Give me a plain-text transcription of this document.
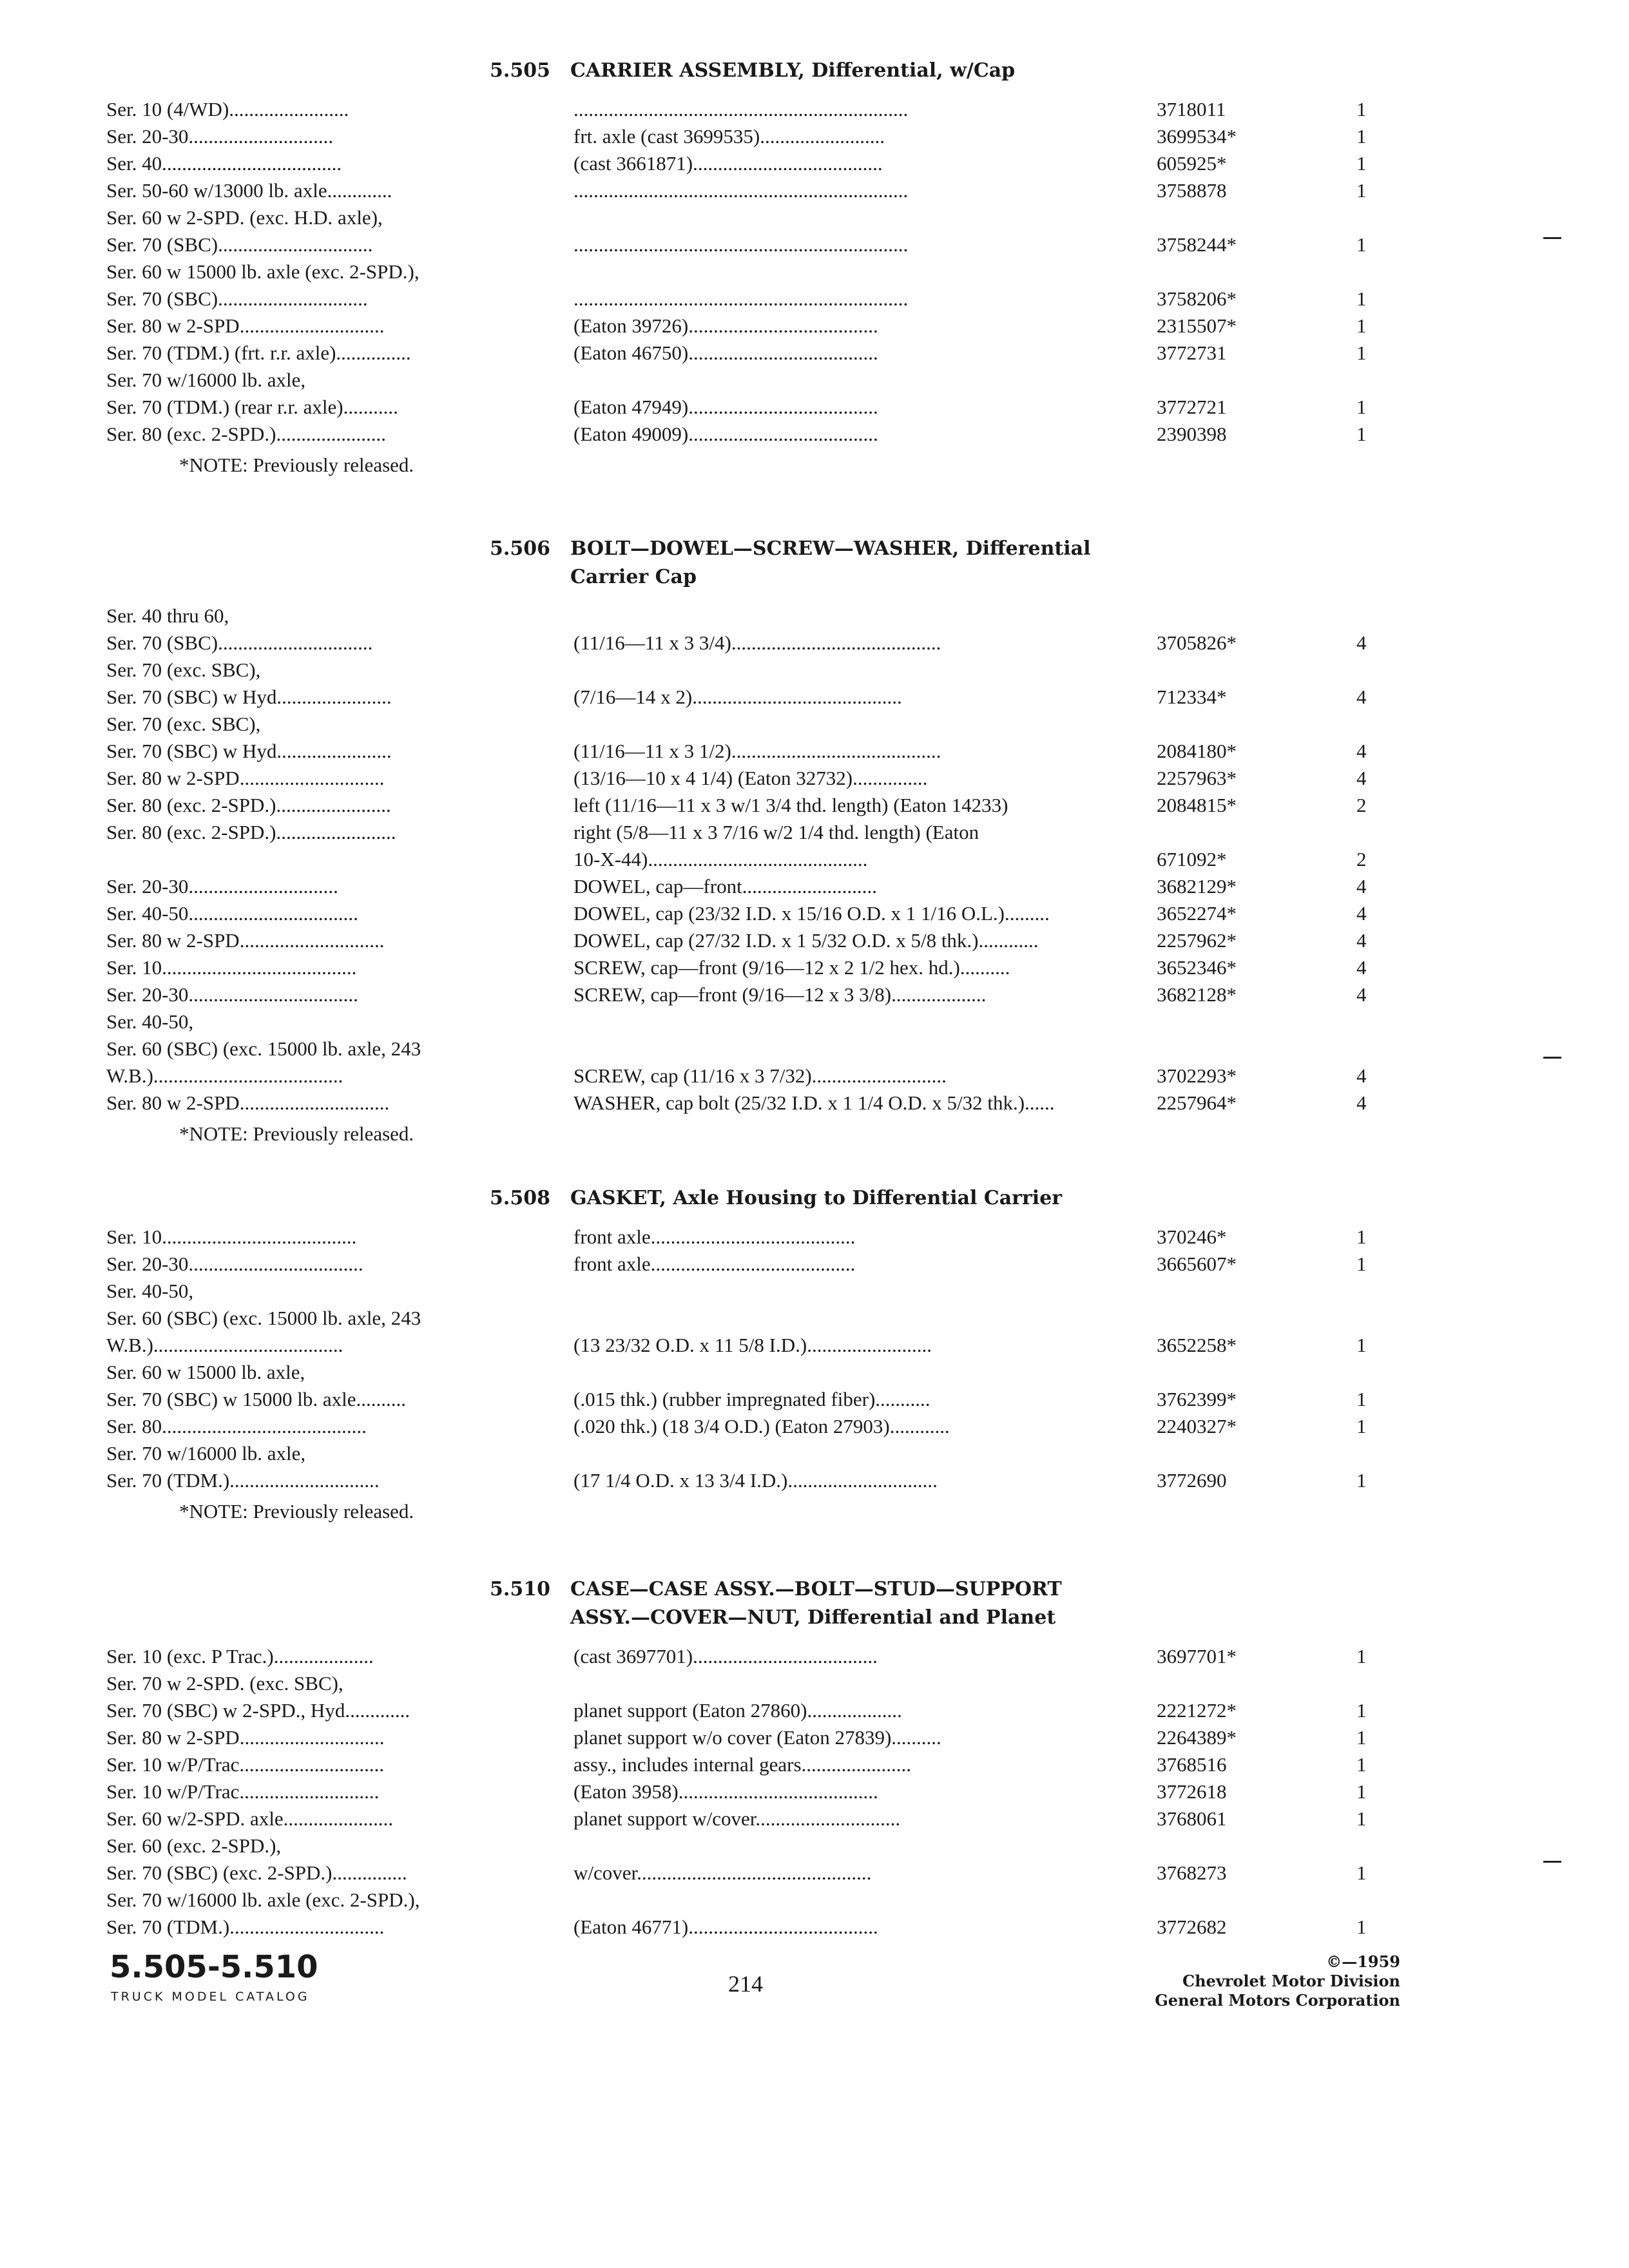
5.505	CARRIER ASSEMBLY, Differential, w/Cap
Ser. 10 (4/WD)........................	...................................................................	3718011	1
Ser. 20-30.............................	frt. axle (cast 3699535).........................	3699534*	1
Ser. 40....................................	(cast 3661871)......................................	605925*	1
Ser. 50-60 w/13000 lb. axle.............	...................................................................	3758878	1
Ser. 60 w 2-SPD. (exc. H.D. axle),
Ser. 70 (SBC)...............................	...................................................................	3758244*	1
Ser. 60 w 15000 lb. axle (exc. 2-SPD.),
Ser. 70 (SBC)..............................	...................................................................	3758206*	1
Ser. 80 w 2-SPD.............................	(Eaton 39726)......................................	2315507*	1
Ser. 70 (TDM.) (frt. r.r. axle)...............	(Eaton 46750)......................................	3772731	1
Ser. 70 w/16000 lb. axle,
Ser. 70 (TDM.) (rear r.r. axle)...........	(Eaton 47949)......................................	3772721	1
Ser. 80 (exc. 2-SPD.)......................	(Eaton 49009)......................................	2390398	1
*NOTE: Previously released.
5.506	BOLT—DOWEL—SCREW—WASHER, Differential
Carrier Cap
Ser. 40 thru 60,
Ser. 70 (SBC)...............................	(11/16—11 x 3 3/4)..........................................	3705826*	4
Ser. 70 (exc. SBC),
Ser. 70 (SBC) w Hyd.......................	(7/16—14 x 2)..........................................	712334*	4
Ser. 70 (exc. SBC),
Ser. 70 (SBC) w Hyd.......................	(11/16—11 x 3 1/2)..........................................	2084180*	4
Ser. 80 w 2-SPD.............................	(13/16—10 x 4 1/4) (Eaton 32732)...............	2257963*	4
Ser. 80 (exc. 2-SPD.).......................	left (11/16—11 x 3 w/1 3/4 thd. length) (Eaton 14233)	2084815*	2
Ser. 80 (exc. 2-SPD.)........................	right (5/8—11 x 3 7/16 w/2 1/4 thd. length) (Eaton
10-X-44)............................................	671092*	2
Ser. 20-30..............................	DOWEL, cap—front...........................	3682129*	4
Ser. 40-50..................................	DOWEL, cap (23/32 I.D. x 15/16 O.D. x 1 1/16 O.L.).........	3652274*	4
Ser. 80 w 2-SPD.............................	DOWEL, cap (27/32 I.D. x 1 5/32 O.D. x 5/8 thk.)............	2257962*	4
Ser. 10.......................................	SCREW, cap—front (9/16—12 x 2 1/2 hex. hd.)..........	3652346*	4
Ser. 20-30..................................	SCREW, cap—front (9/16—12 x 3 3/8)...................	3682128*	4
Ser. 40-50,
Ser. 60 (SBC) (exc. 15000 lb. axle, 243
W.B.)......................................	SCREW, cap (11/16 x 3 7/32)...........................	3702293*	4
Ser. 80 w 2-SPD..............................	WASHER, cap bolt (25/32 I.D. x 1 1/4 O.D. x 5/32 thk.)......	2257964*	4
*NOTE: Previously released.
5.508	GASKET, Axle Housing to Differential Carrier
Ser. 10.......................................	front axle.........................................	370246*	1
Ser. 20-30...................................	front axle.........................................	3665607*	1
Ser. 40-50,
Ser. 60 (SBC) (exc. 15000 lb. axle, 243
W.B.)......................................	(13 23/32 O.D. x 11 5/8 I.D.).........................	3652258*	1
Ser. 60 w 15000 lb. axle,
Ser. 70 (SBC) w 15000 lb. axle..........	(.015 thk.) (rubber impregnated fiber)...........	3762399*	1
Ser. 80.........................................	(.020 thk.) (18 3/4 O.D.) (Eaton 27903)............	2240327*	1
Ser. 70 w/16000 lb. axle,
Ser. 70 (TDM.)..............................	(17 1/4 O.D. x 13 3/4 I.D.)..............................	3772690	1
*NOTE: Previously released.
5.510	CASE—CASE ASSY.—BOLT—STUD—SUPPORT
ASSY.—COVER—NUT, Differential and Planet
Ser. 10 (exc. P Trac.)....................	(cast 3697701).....................................	3697701*	1
Ser. 70 w 2-SPD. (exc. SBC),
Ser. 70 (SBC) w 2-SPD., Hyd.............	planet support (Eaton 27860)...................	2221272*	1
Ser. 80 w 2-SPD.............................	planet support w/o cover (Eaton 27839)..........	2264389*	1
Ser. 10 w/P/Trac.............................	assy., includes internal gears......................	3768516	1
Ser. 10 w/P/Trac............................	(Eaton 3958)........................................	3772618	1
Ser. 60 w/2-SPD. axle......................	planet support w/cover.............................	3768061	1
Ser. 60 (exc. 2-SPD.),
Ser. 70 (SBC) (exc. 2-SPD.)...............	w/cover...............................................	3768273	1
Ser. 70 w/16000 lb. axle (exc. 2-SPD.),
Ser. 70 (TDM.)...............................	(Eaton 46771)......................................	3772682	1
5.505-5.510
TRUCK MODEL CATALOG	214
©—1959
Chevrolet Motor Division
General Motors Corporation
